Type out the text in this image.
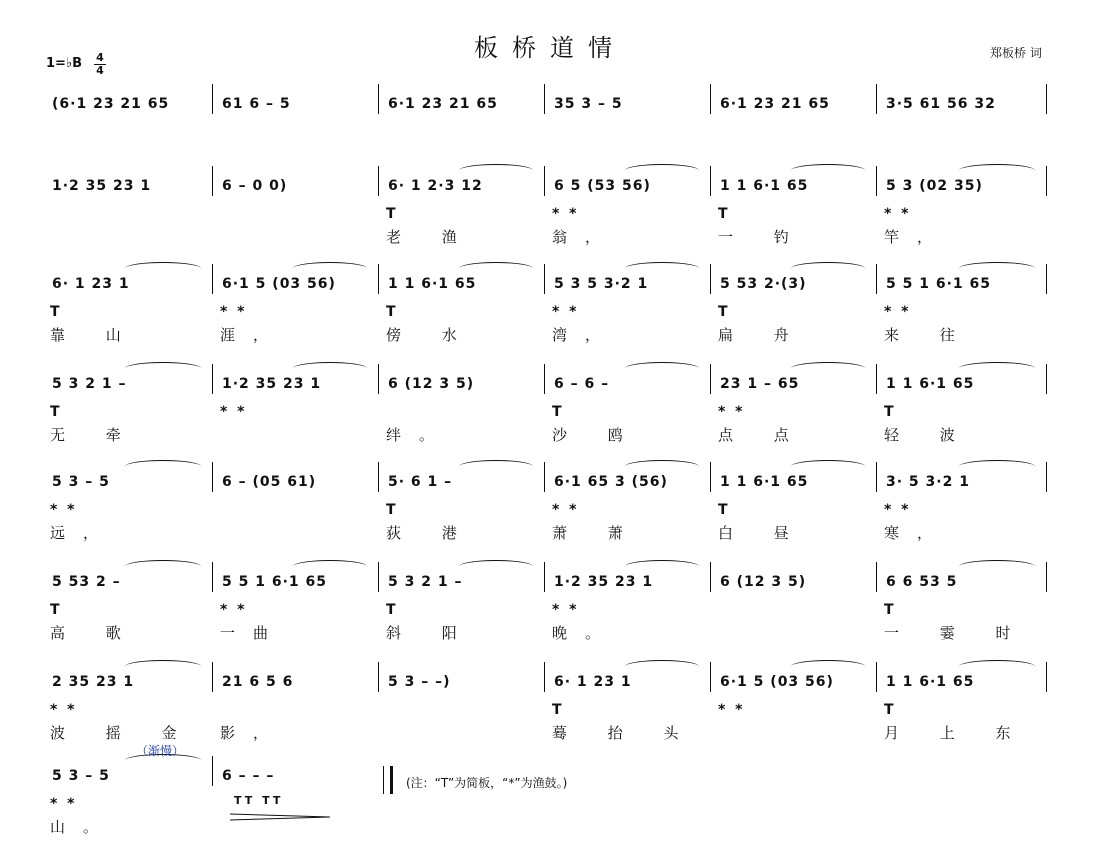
板桥道情	郑板桥 词
1=♭B $\frac{4}{4}$
(6·1 23 21 65	61 6 – 5	6·1 23 21 65	35 3 – 5	6·1 23 21 65	3·5 61 56 32
1·2 35 23 1	6 – 0 0)	6· 1 2·3 12
T
老 渔
6 5 (53 56)
*  *
翁，
1 1 6·1 65
T
一 钓
5 3 (02 35)
*  *
竿，
6· 1 23 1
T
靠 山
6·1 5 (03 56)
*  *
涯，
1 1 6·1 65
T
傍 水
5 3 5 3·2 1
*  *
湾，
5 53 2·(3)
T
扁 舟
5 5 1 6·1 65
*  *
来 往
5 3 2 1 –
T
无 牵
1·2 35 23 1
*  *
6 (12 3 5)
绊。
6 – 6 –
T
沙 鸥
23 1 – 65
*  *
点 点
1 1 6·1 65
T
轻 波
5 3 – 5
*  *
远，
6 – (05 61)	5· 6 1 –
T
荻 港
6·1 65 3 (56)
*  *
萧 萧
1 1 6·1 65
T
白 昼
3· 5 3·2 1
*  *
寒，
5 53 2 –
T
高 歌
5 5 1 6·1 65
*  *
一曲
5 3 2 1 –
T
斜 阳
1·2 35 23 1
*  *
晚。
6 (12 3 5)	6 6 53 5
T
一 霎 时
2 35 23 1
*  *
波 摇 金
21 6 5 6
影，
5 3 – –)	6· 1 23 1
T
蓦 抬 头
6·1 5 (03 56)
*  *
1 1 6·1 65
T
月 上 东
5 3 – 5
*  *
山。
6 – – –
（渐慢）
TT TT
(注：“T”为简板，“*”为渔鼓。)
